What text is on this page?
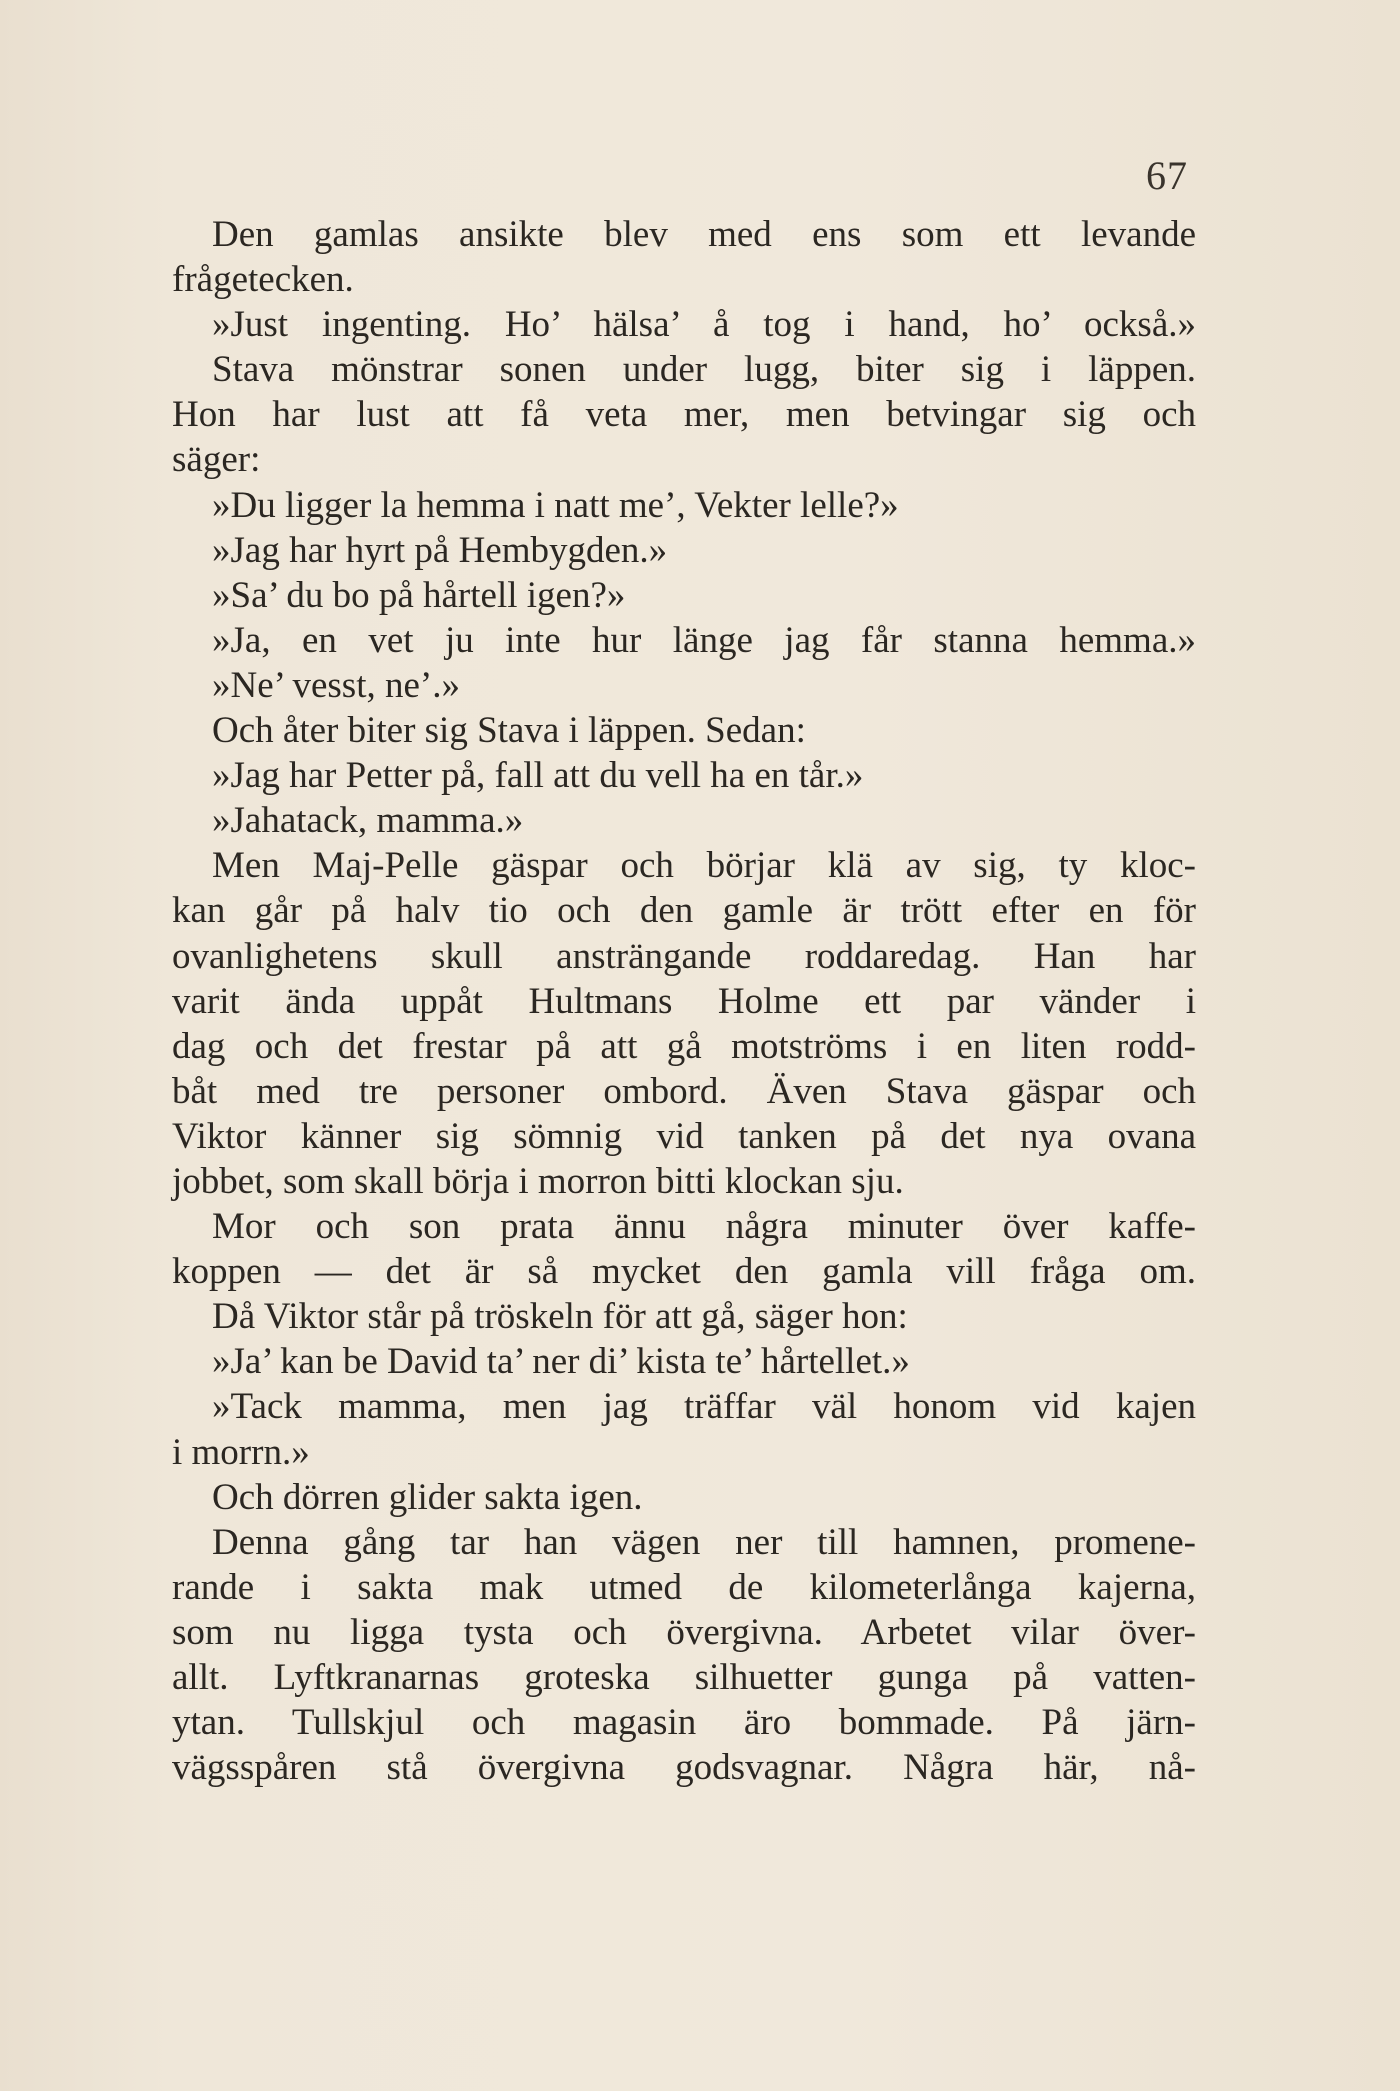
67
Den gamlas ansikte blev med ens som ett levande
frågetecken.
»Just ingenting. Ho’ hälsa’ å tog i hand, ho’ också.»
Stava mönstrar sonen under lugg, biter sig i läppen.
Hon har lust att få veta mer, men betvingar sig och
säger:
»Du ligger la hemma i natt me’, Vekter lelle?»
»Jag har hyrt på Hembygden.»
»Sa’ du bo på hårtell igen?»
»Ja, en vet ju inte hur länge jag får stanna hemma.»
»Ne’ vesst, ne’.»
Och åter biter sig Stava i läppen. Sedan:
»Jag har Petter på, fall att du vell ha en tår.»
»Jahatack, mamma.»
Men Maj-Pelle gäspar och börjar klä av sig, ty kloc-
kan går på halv tio och den gamle är trött efter en för
ovanlighetens skull ansträngande roddaredag. Han har
varit ända uppåt Hultmans Holme ett par vänder i
dag och det frestar på att gå motströms i en liten rodd-
båt med tre personer ombord. Även Stava gäspar och
Viktor känner sig sömnig vid tanken på det nya ovana
jobbet, som skall börja i morron bitti klockan sju.
Mor och son prata ännu några minuter över kaffe-
koppen — det är så mycket den gamla vill fråga om.
Då Viktor står på tröskeln för att gå, säger hon:
»Ja’ kan be David ta’ ner di’ kista te’ hårtellet.»
»Tack mamma, men jag träffar väl honom vid kajen
i morrn.»
Och dörren glider sakta igen.
Denna gång tar han vägen ner till hamnen, promene-
rande i sakta mak utmed de kilometerlånga kajerna,
som nu ligga tysta och övergivna. Arbetet vilar över-
allt. Lyftkranarnas groteska silhuetter gunga på vatten-
ytan. Tullskjul och magasin äro bommade. På järn-
vägsspåren stå övergivna godsvagnar. Några här, nå-
